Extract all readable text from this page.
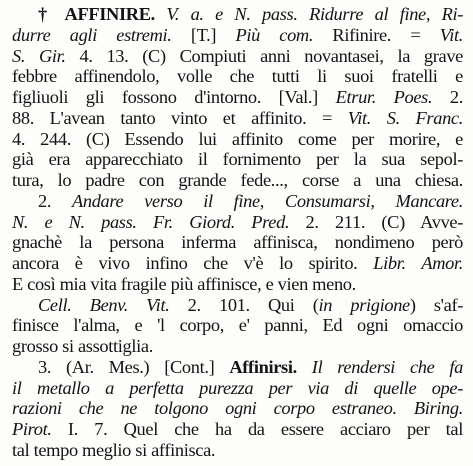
† AFFINIRE. V. a. e N. pass. Ridurre al fine, Ri-
durre agli estremi. [T.] Più com. Rifinire. = Vit.
S. Gir. 4. 13. (C) Compiuti anni novantasei, la grave
febbre affinendolo, volle che tutti li suoi fratelli e
figliuoli gli fossono d'intorno. [Val.] Etrur. Poes. 2.
88. L'avean tanto vinto et affinito. = Vit. S. Franc.
4. 244. (C) Essendo lui affinito come per morire, e
già era apparecchiato il fornimento per la sua sepol-
tura, lo padre con grande fede..., corse a una chiesa.
2. Andare verso il fine, Consumarsi, Mancare.
N. e N. pass. Fr. Giord. Pred. 2. 211. (C) Avve-
gnachè la persona inferma affinisca, nondimeno però
ancora è vivo infino che v'è lo spirito. Libr. Amor.
E così mia vita fragile più affinisce, e vien meno.
Cell. Benv. Vit. 2. 101. Qui (in prigione) s'af-
finisce l'alma, e 'l corpo, e' panni, Ed ogni omaccio
grosso si assottiglia.
3. (Ar. Mes.) [Cont.] Affinirsi. Il rendersi che fa
il metallo a perfetta purezza per via di quelle ope-
razioni che ne tolgono ogni corpo estraneo. Biring.
Pirot. I. 7. Quel che ha da essere acciaro per tal
tal tempo meglio si affinisca.
